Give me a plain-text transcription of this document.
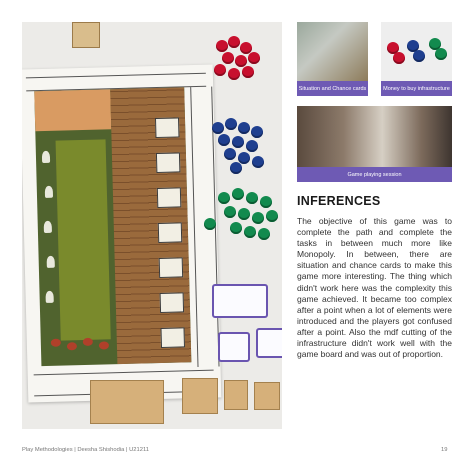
Situation and Chance cards	Money to buy infrastructure
Game playing session
INFERENCES
The objective of this game was to complete the path and complete the tasks in between much more like Monopoly. In between, there are situation and chance cards to make this game more interesting. The thing which didn't work here was the complexity this game achieved. It became too complex after a point when a lot of elements were introduced and the players got confused after a point. Also the mdf cutting of the infrastructure didn't work well with the game board and was out of proportion.
Play Methodologies | Deesha Shishodia | U21211	19
